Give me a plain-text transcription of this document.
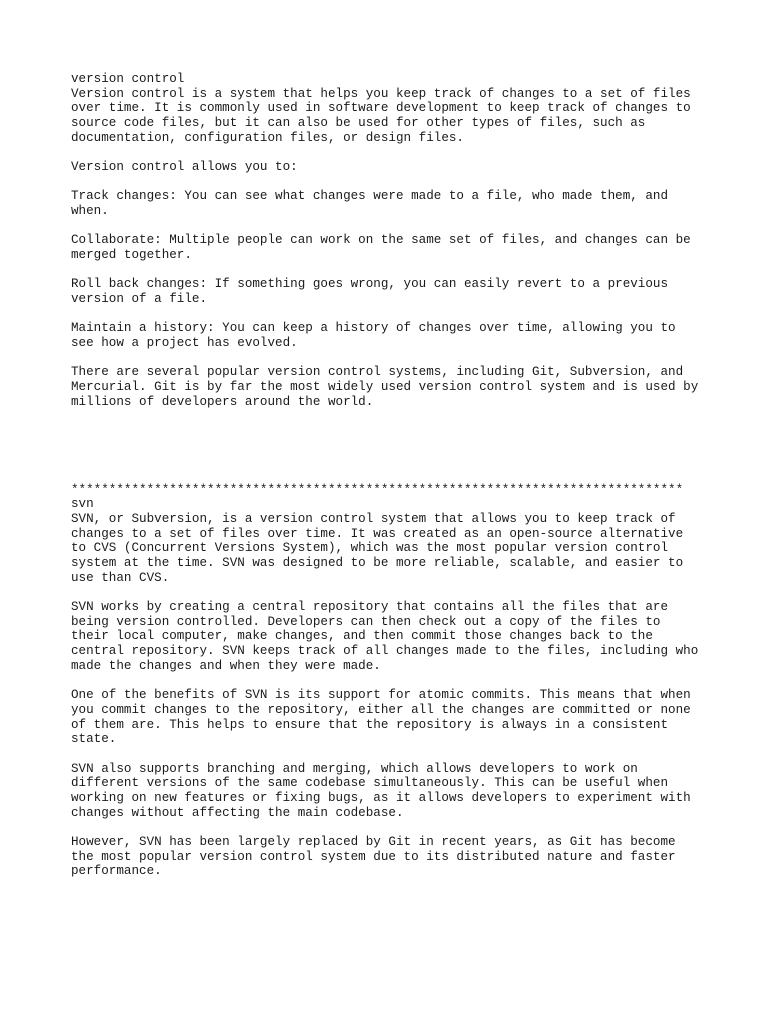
version control
Version control is a system that helps you keep track of changes to a set of files
over time. It is commonly used in software development to keep track of changes to
source code files, but it can also be used for other types of files, such as
documentation, configuration files, or design files.
Version control allows you to:
Track changes: You can see what changes were made to a file, who made them, and
when.
Collaborate: Multiple people can work on the same set of files, and changes can be
merged together.
Roll back changes: If something goes wrong, you can easily revert to a previous
version of a file.
Maintain a history: You can keep a history of changes over time, allowing you to
see how a project has evolved.
There are several popular version control systems, including Git, Subversion, and
Mercurial. Git is by far the most widely used version control system and is used by
millions of developers around the world.
*********************************************************************************
svn
SVN, or Subversion, is a version control system that allows you to keep track of
changes to a set of files over time. It was created as an open-source alternative
to CVS (Concurrent Versions System), which was the most popular version control
system at the time. SVN was designed to be more reliable, scalable, and easier to
use than CVS.
SVN works by creating a central repository that contains all the files that are
being version controlled. Developers can then check out a copy of the files to
their local computer, make changes, and then commit those changes back to the
central repository. SVN keeps track of all changes made to the files, including who
made the changes and when they were made.
One of the benefits of SVN is its support for atomic commits. This means that when
you commit changes to the repository, either all the changes are committed or none
of them are. This helps to ensure that the repository is always in a consistent
state.
SVN also supports branching and merging, which allows developers to work on
different versions of the same codebase simultaneously. This can be useful when
working on new features or fixing bugs, as it allows developers to experiment with
changes without affecting the main codebase.
However, SVN has been largely replaced by Git in recent years, as Git has become
the most popular version control system due to its distributed nature and faster
performance.
